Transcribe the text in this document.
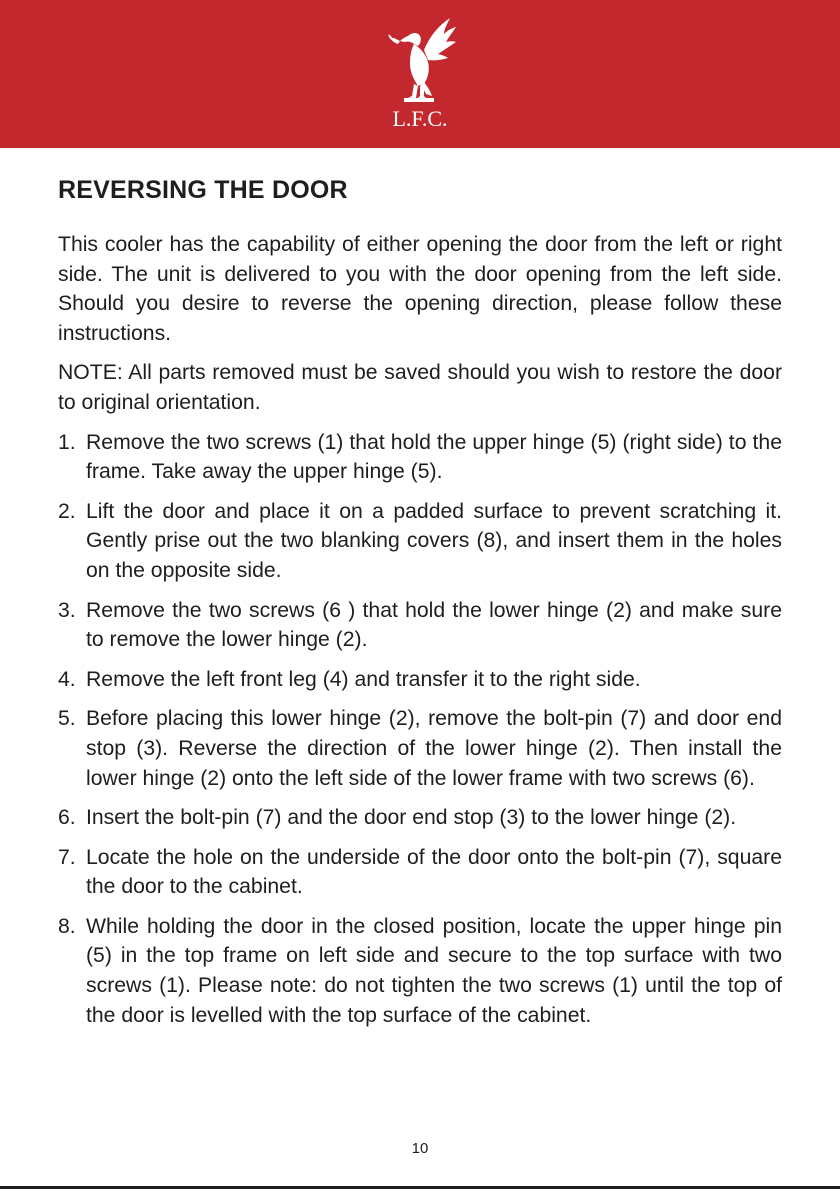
L.F.C.
REVERSING THE DOOR

This cooler has the capability of either opening the door from the left or right side. The unit is delivered to you with the door opening from the left side. Should you desire to reverse the opening direction, please follow these instructions.

NOTE: All parts removed must be saved should you wish to restore the door to original orientation.

1. Remove the two screws (1) that hold the upper hinge (5) (right side) to the frame. Take away the upper hinge (5).
2. Lift the door and place it on a padded surface to prevent scratching it. Gently prise out the two blanking covers (8), and insert them in the holes on the opposite side.
3. Remove the two screws (6 ) that hold the lower hinge (2) and make sure to remove the lower hinge (2).
4. Remove the left front leg (4) and transfer it to the right side.
5. Before placing this lower hinge (2), remove the bolt-pin (7) and door end stop (3). Reverse the direction of the lower hinge (2). Then install the lower hinge (2) onto the left side of the lower frame with two screws (6).
6. Insert the bolt-pin (7) and the door end stop (3) to the lower hinge (2).
7. Locate the hole on the underside of the door onto the bolt-pin (7), square the door to the cabinet.
8. While holding the door in the closed position, locate the upper hinge pin (5) in the top frame on left side and secure to the top surface with two screws (1). Please note: do not tighten the two screws (1) until the top of the door is levelled with the top surface of the cabinet.
10
